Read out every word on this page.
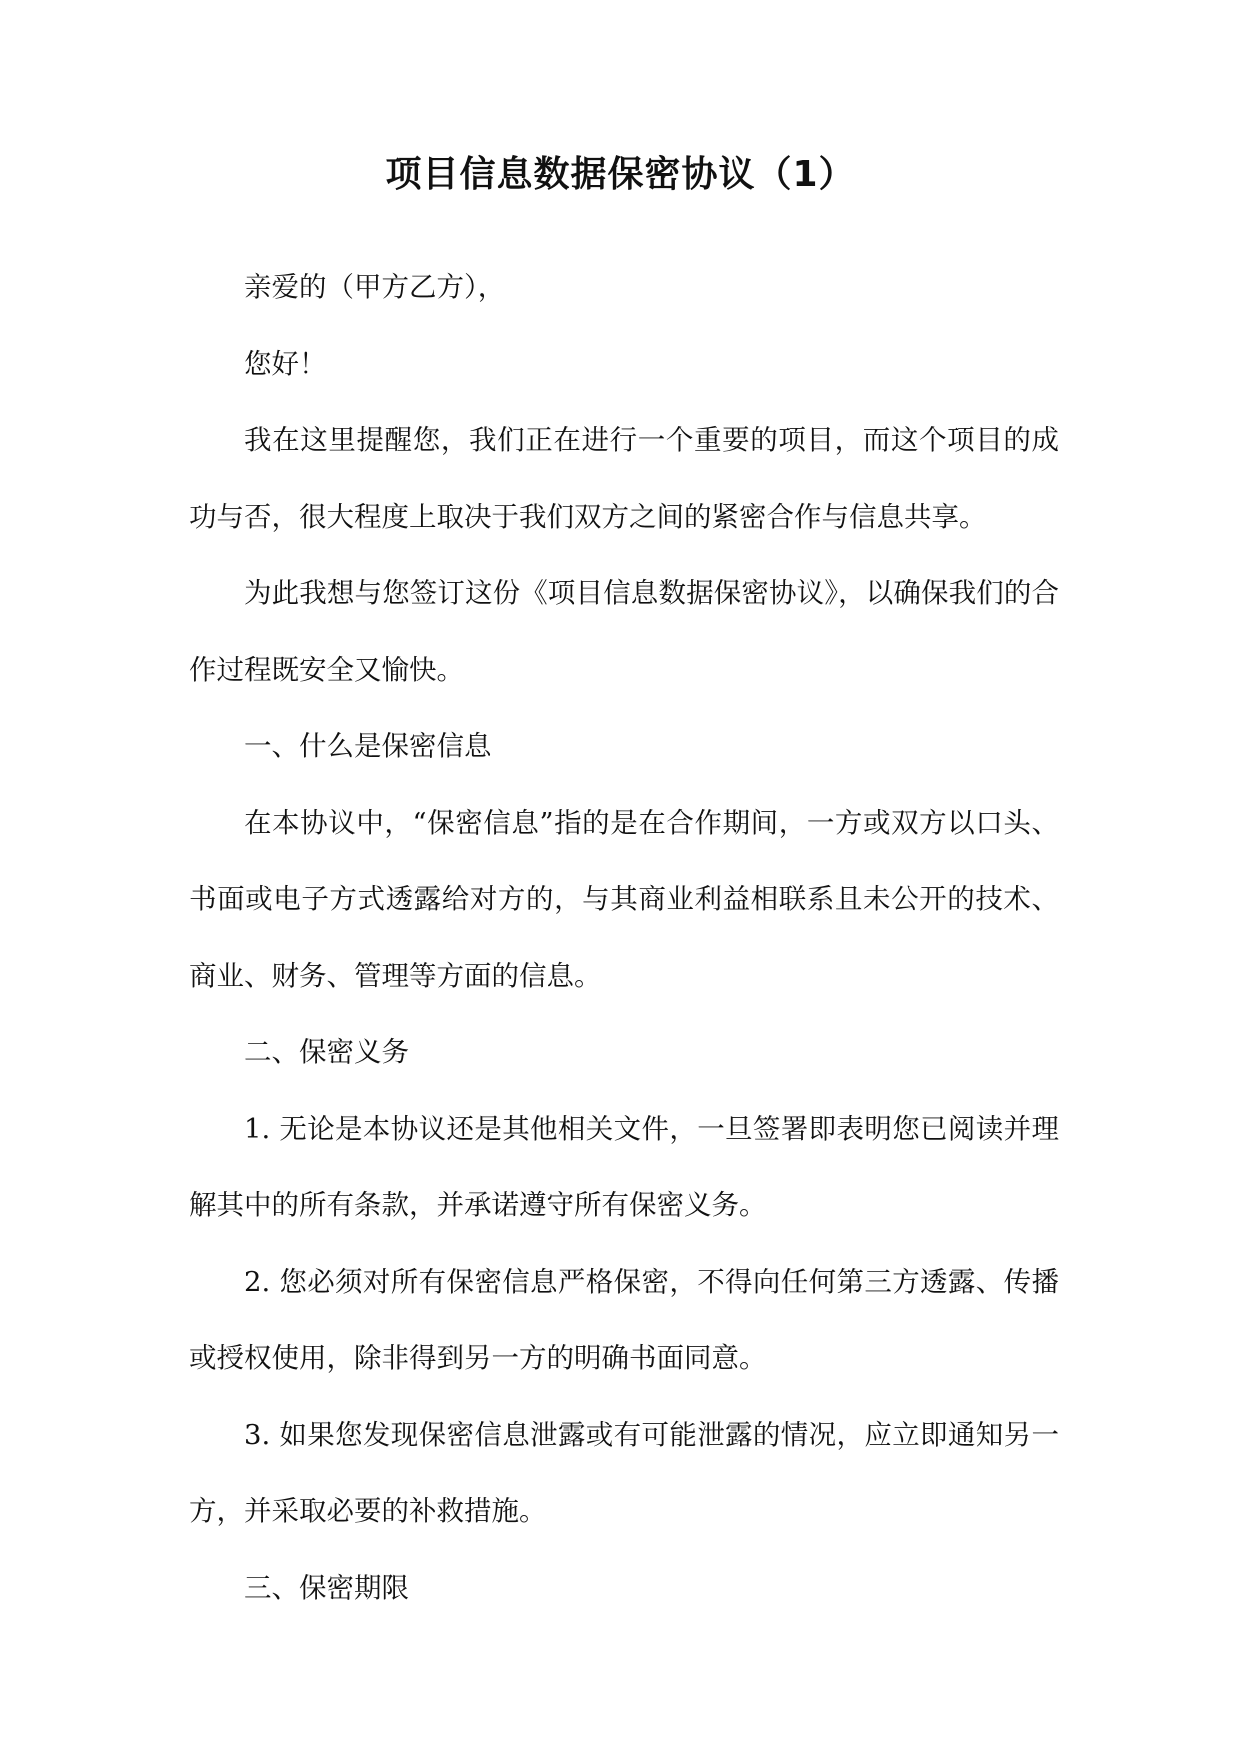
项目信息数据保密协议（1）

亲爱的（甲方乙方），

您好！

我在这里提醒您，我们正在进行一个重要的项目，而这个项目的成功与否，很大程度上取决于我们双方之间的紧密合作与信息共享。

为此我想与您签订这份《项目信息数据保密协议》，以确保我们的合作过程既安全又愉快。

一、什么是保密信息

在本协议中，“保密信息”指的是在合作期间，一方或双方以口头、书面或电子方式透露给对方的，与其商业利益相联系且未公开的技术、商业、财务、管理等方面的信息。

二、保密义务

1. 无论是本协议还是其他相关文件，一旦签署即表明您已阅读并理解其中的所有条款，并承诺遵守所有保密义务。

2. 您必须对所有保密信息严格保密，不得向任何第三方透露、传播或授权使用，除非得到另一方的明确书面同意。

3. 如果您发现保密信息泄露或有可能泄露的情况，应立即通知另一方，并采取必要的补救措施。

三、保密期限
